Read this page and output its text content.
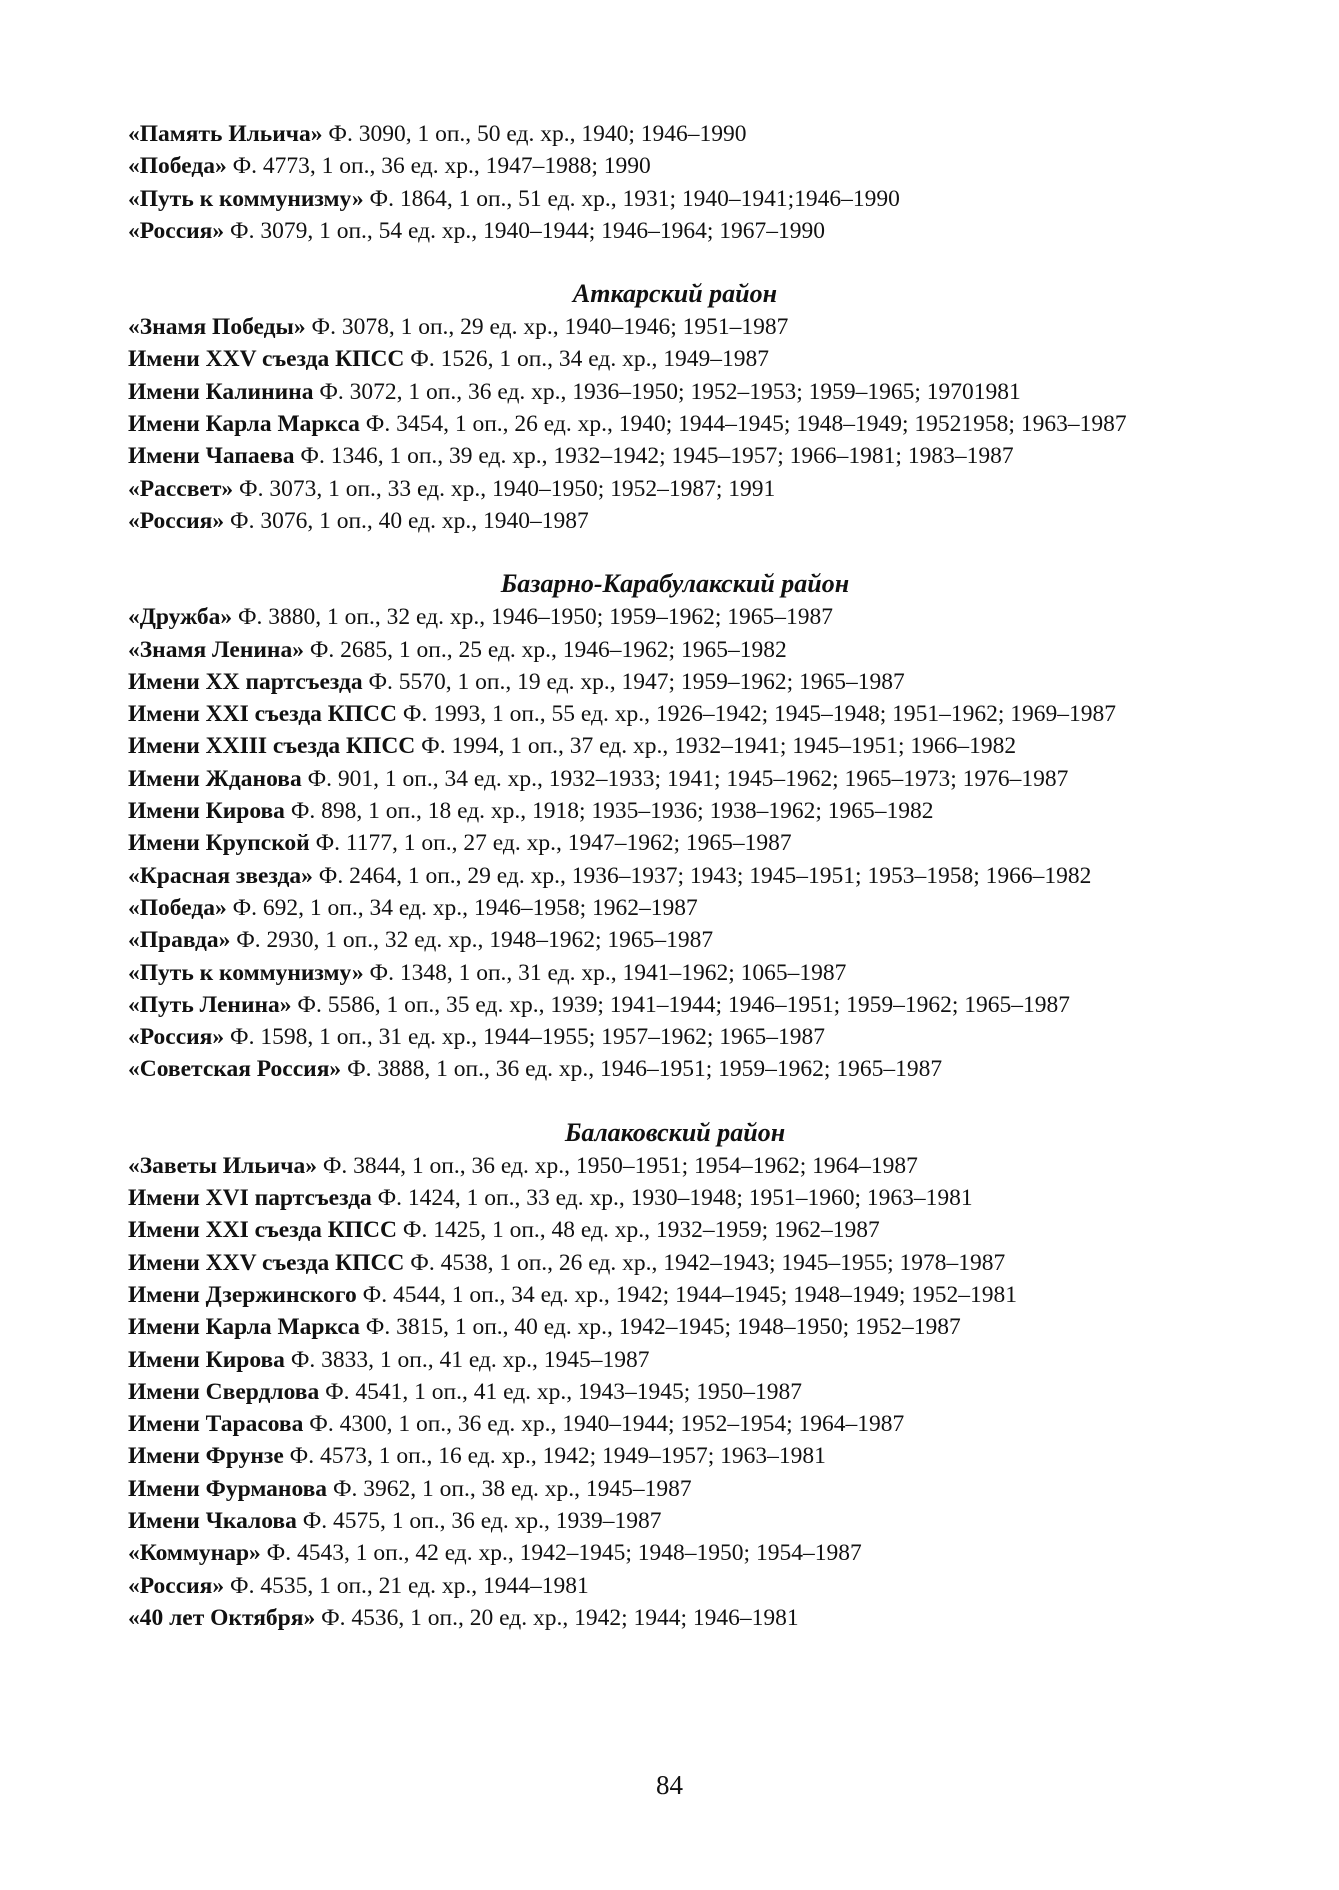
«Память Ильича» Ф. 3090, 1 оп., 50 ед. хр., 1940; 1946–1990

«Победа» Ф. 4773, 1 оп., 36 ед. хр., 1947–1988; 1990

«Путь к коммунизму» Ф. 1864, 1 оп., 51 ед. хр., 1931; 1940–1941;1946–1990

«Россия» Ф. 3079, 1 оп., 54 ед. хр., 1940–1944; 1946–1964; 1967–1990

Аткарский район

«Знамя Победы» Ф. 3078, 1 оп., 29 ед. хр., 1940–1946; 1951–1987

Имени XXV съезда КПСС Ф. 1526, 1 оп., 34 ед. хр., 1949–1987

Имени Калинина Ф. 3072, 1 оп., 36 ед. хр., 1936–1950; 1952–1953; 1959–1965; 19701981

Имени Карла Маркса Ф. 3454, 1 оп., 26 ед. хр., 1940; 1944–1945; 1948–1949; 19521958; 1963–1987

Имени Чапаева Ф. 1346, 1 оп., 39 ед. хр., 1932–1942; 1945–1957; 1966–1981; 1983–1987

«Рассвет» Ф. 3073, 1 оп., 33 ед. хр., 1940–1950; 1952–1987; 1991

«Россия» Ф. 3076, 1 оп., 40 ед. хр., 1940–1987

Базарно-Карабулакский район

«Дружба» Ф. 3880, 1 оп., 32 ед. хр., 1946–1950; 1959–1962; 1965–1987

«Знамя Ленина» Ф. 2685, 1 оп., 25 ед. хр., 1946–1962; 1965–1982

Имени XX партсъезда Ф. 5570, 1 оп., 19 ед. хр., 1947; 1959–1962; 1965–1987

Имени XXI съезда КПСС Ф. 1993, 1 оп., 55 ед. хр., 1926–1942; 1945–1948; 1951–1962; 1969–1987

Имени XXIII съезда КПСС Ф. 1994, 1 оп., 37 ед. хр., 1932–1941; 1945–1951; 1966–1982

Имени Жданова Ф. 901, 1 оп., 34 ед. хр., 1932–1933; 1941; 1945–1962; 1965–1973; 1976–1987

Имени Кирова Ф. 898, 1 оп., 18 ед. хр., 1918; 1935–1936; 1938–1962; 1965–1982

Имени Крупской Ф. 1177, 1 оп., 27 ед. хр., 1947–1962; 1965–1987

«Красная звезда» Ф. 2464, 1 оп., 29 ед. хр., 1936–1937; 1943; 1945–1951; 1953–1958; 1966–1982

«Победа» Ф. 692, 1 оп., 34 ед. хр., 1946–1958; 1962–1987

«Правда» Ф. 2930, 1 оп., 32 ед. хр., 1948–1962; 1965–1987

«Путь к коммунизму» Ф. 1348, 1 оп., 31 ед. хр., 1941–1962; 1065–1987

«Путь Ленина» Ф. 5586, 1 оп., 35 ед. хр., 1939; 1941–1944; 1946–1951; 1959–1962; 1965–1987

«Россия» Ф. 1598, 1 оп., 31 ед. хр., 1944–1955; 1957–1962; 1965–1987

«Советская Россия» Ф. 3888, 1 оп., 36 ед. хр., 1946–1951; 1959–1962; 1965–1987

Балаковский район

«Заветы Ильича» Ф. 3844, 1 оп., 36 ед. хр., 1950–1951; 1954–1962; 1964–1987

Имени XVI партсъезда Ф. 1424, 1 оп., 33 ед. хр., 1930–1948; 1951–1960; 1963–1981

Имени XXI съезда КПСС Ф. 1425, 1 оп., 48 ед. хр., 1932–1959; 1962–1987

Имени XXV съезда КПСС Ф. 4538, 1 оп., 26 ед. хр., 1942–1943; 1945–1955; 1978–1987

Имени Дзержинского Ф. 4544, 1 оп., 34 ед. хр., 1942; 1944–1945; 1948–1949; 1952–1981

Имени Карла Маркса Ф. 3815, 1 оп., 40 ед. хр., 1942–1945; 1948–1950; 1952–1987

Имени Кирова Ф. 3833, 1 оп., 41 ед. хр., 1945–1987

Имени Свердлова Ф. 4541, 1 оп., 41 ед. хр., 1943–1945; 1950–1987

Имени Тарасова Ф. 4300, 1 оп., 36 ед. хр., 1940–1944; 1952–1954; 1964–1987

Имени Фрунзе Ф. 4573, 1 оп., 16 ед. хр., 1942; 1949–1957; 1963–1981

Имени Фурманова Ф. 3962, 1 оп., 38 ед. хр., 1945–1987

Имени Чкалова Ф. 4575, 1 оп., 36 ед. хр., 1939–1987

«Коммунар» Ф. 4543, 1 оп., 42 ед. хр., 1942–1945; 1948–1950; 1954–1987

«Россия» Ф. 4535, 1 оп., 21 ед. хр., 1944–1981

«40 лет Октября» Ф. 4536, 1 оп., 20 ед. хр., 1942; 1944; 1946–1981

84
